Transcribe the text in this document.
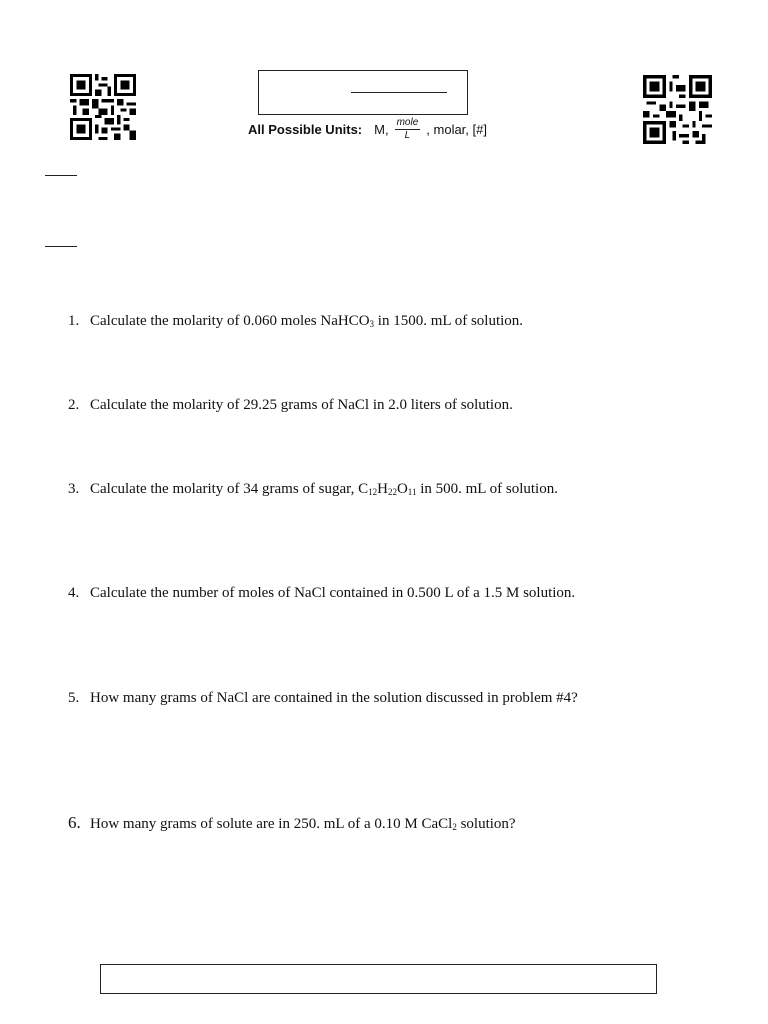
All Possible Units: M, $\frac{\text{mole}}{L}$ , molar, [#]
1. Calculate the molarity of 0.060 moles NaHCO$_3$ in 1500. mL of solution.
2. Calculate the molarity of 29.25 grams of NaCl in 2.0 liters of solution.
3. Calculate the molarity of 34 grams of sugar, $C_{12}H_{22}O_{11}$ in 500. mL of solution.
4. Calculate the number of moles of NaCl contained in 0.500 L of a 1.5 M solution.
5. How many grams of NaCl are contained in the solution discussed in problem #4?
6. How many grams of solute are in 250. mL of a 0.10 M CaCl$_2$ solution?
